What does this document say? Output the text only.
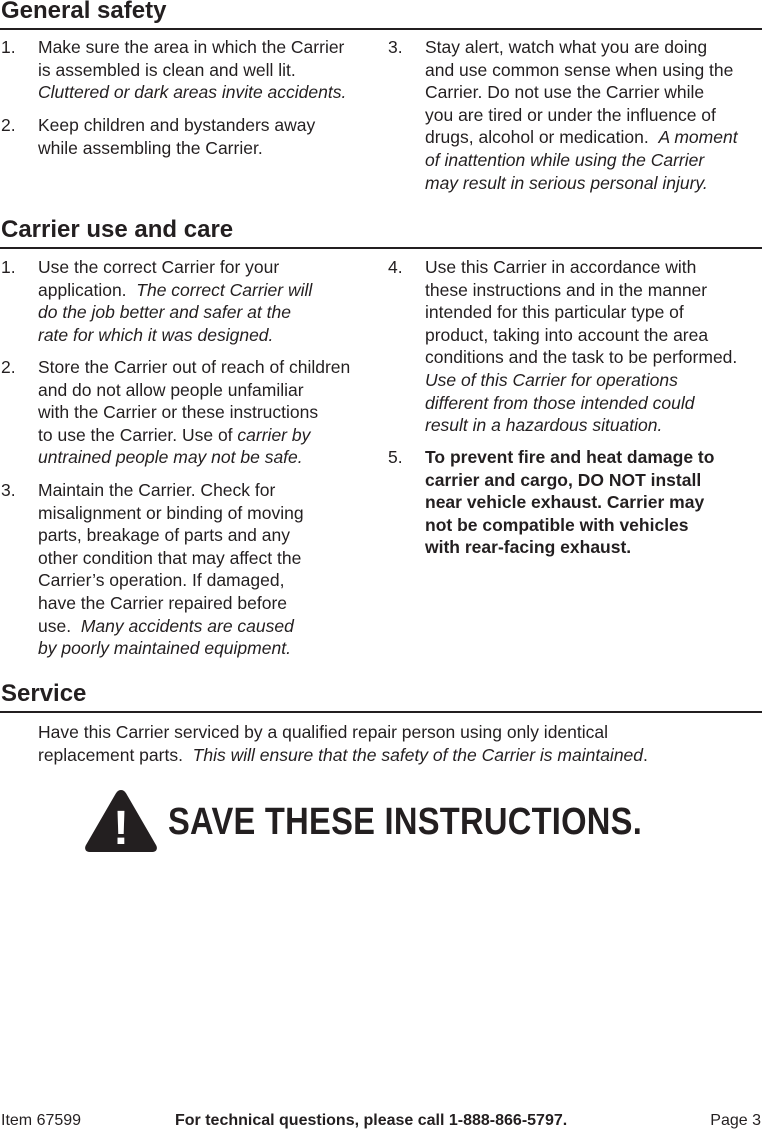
General safety
1. Make sure the area in which the Carrier
is assembled is clean and well lit.
Cluttered or dark areas invite accidents.
2. Keep children and bystanders away
while assembling the Carrier.
3. Stay alert, watch what you are doing
and use common sense when using the
Carrier. Do not use the Carrier while
you are tired or under the influence of
drugs, alcohol or medication. A moment
of inattention while using the Carrier
may result in serious personal injury.
Carrier use and care
1. Use the correct Carrier for your
application. The correct Carrier will
do the job better and safer at the
rate for which it was designed.
2. Store the Carrier out of reach of children
and do not allow people unfamiliar
with the Carrier or these instructions
to use the Carrier. Use of carrier by
untrained people may not be safe.
3. Maintain the Carrier. Check for
misalignment or binding of moving
parts, breakage of parts and any
other condition that may affect the
Carrier’s operation. If damaged,
have the Carrier repaired before
use. Many accidents are caused
by poorly maintained equipment.
4. Use this Carrier in accordance with
these instructions and in the manner
intended for this particular type of
product, taking into account the area
conditions and the task to be performed.
Use of this Carrier for operations
different from those intended could
result in a hazardous situation.
5. To prevent fire and heat damage to
carrier and cargo, DO NOT install
near vehicle exhaust. Carrier may
not be compatible with vehicles
with rear-facing exhaust.
Service
Have this Carrier serviced by a qualified repair person using only identical
replacement parts. This will ensure that the safety of the Carrier is maintained.
! SAVE THESE INSTRUCTIONS.
Item 67599	For technical questions, please call 1-888-866-5797.	Page 3
